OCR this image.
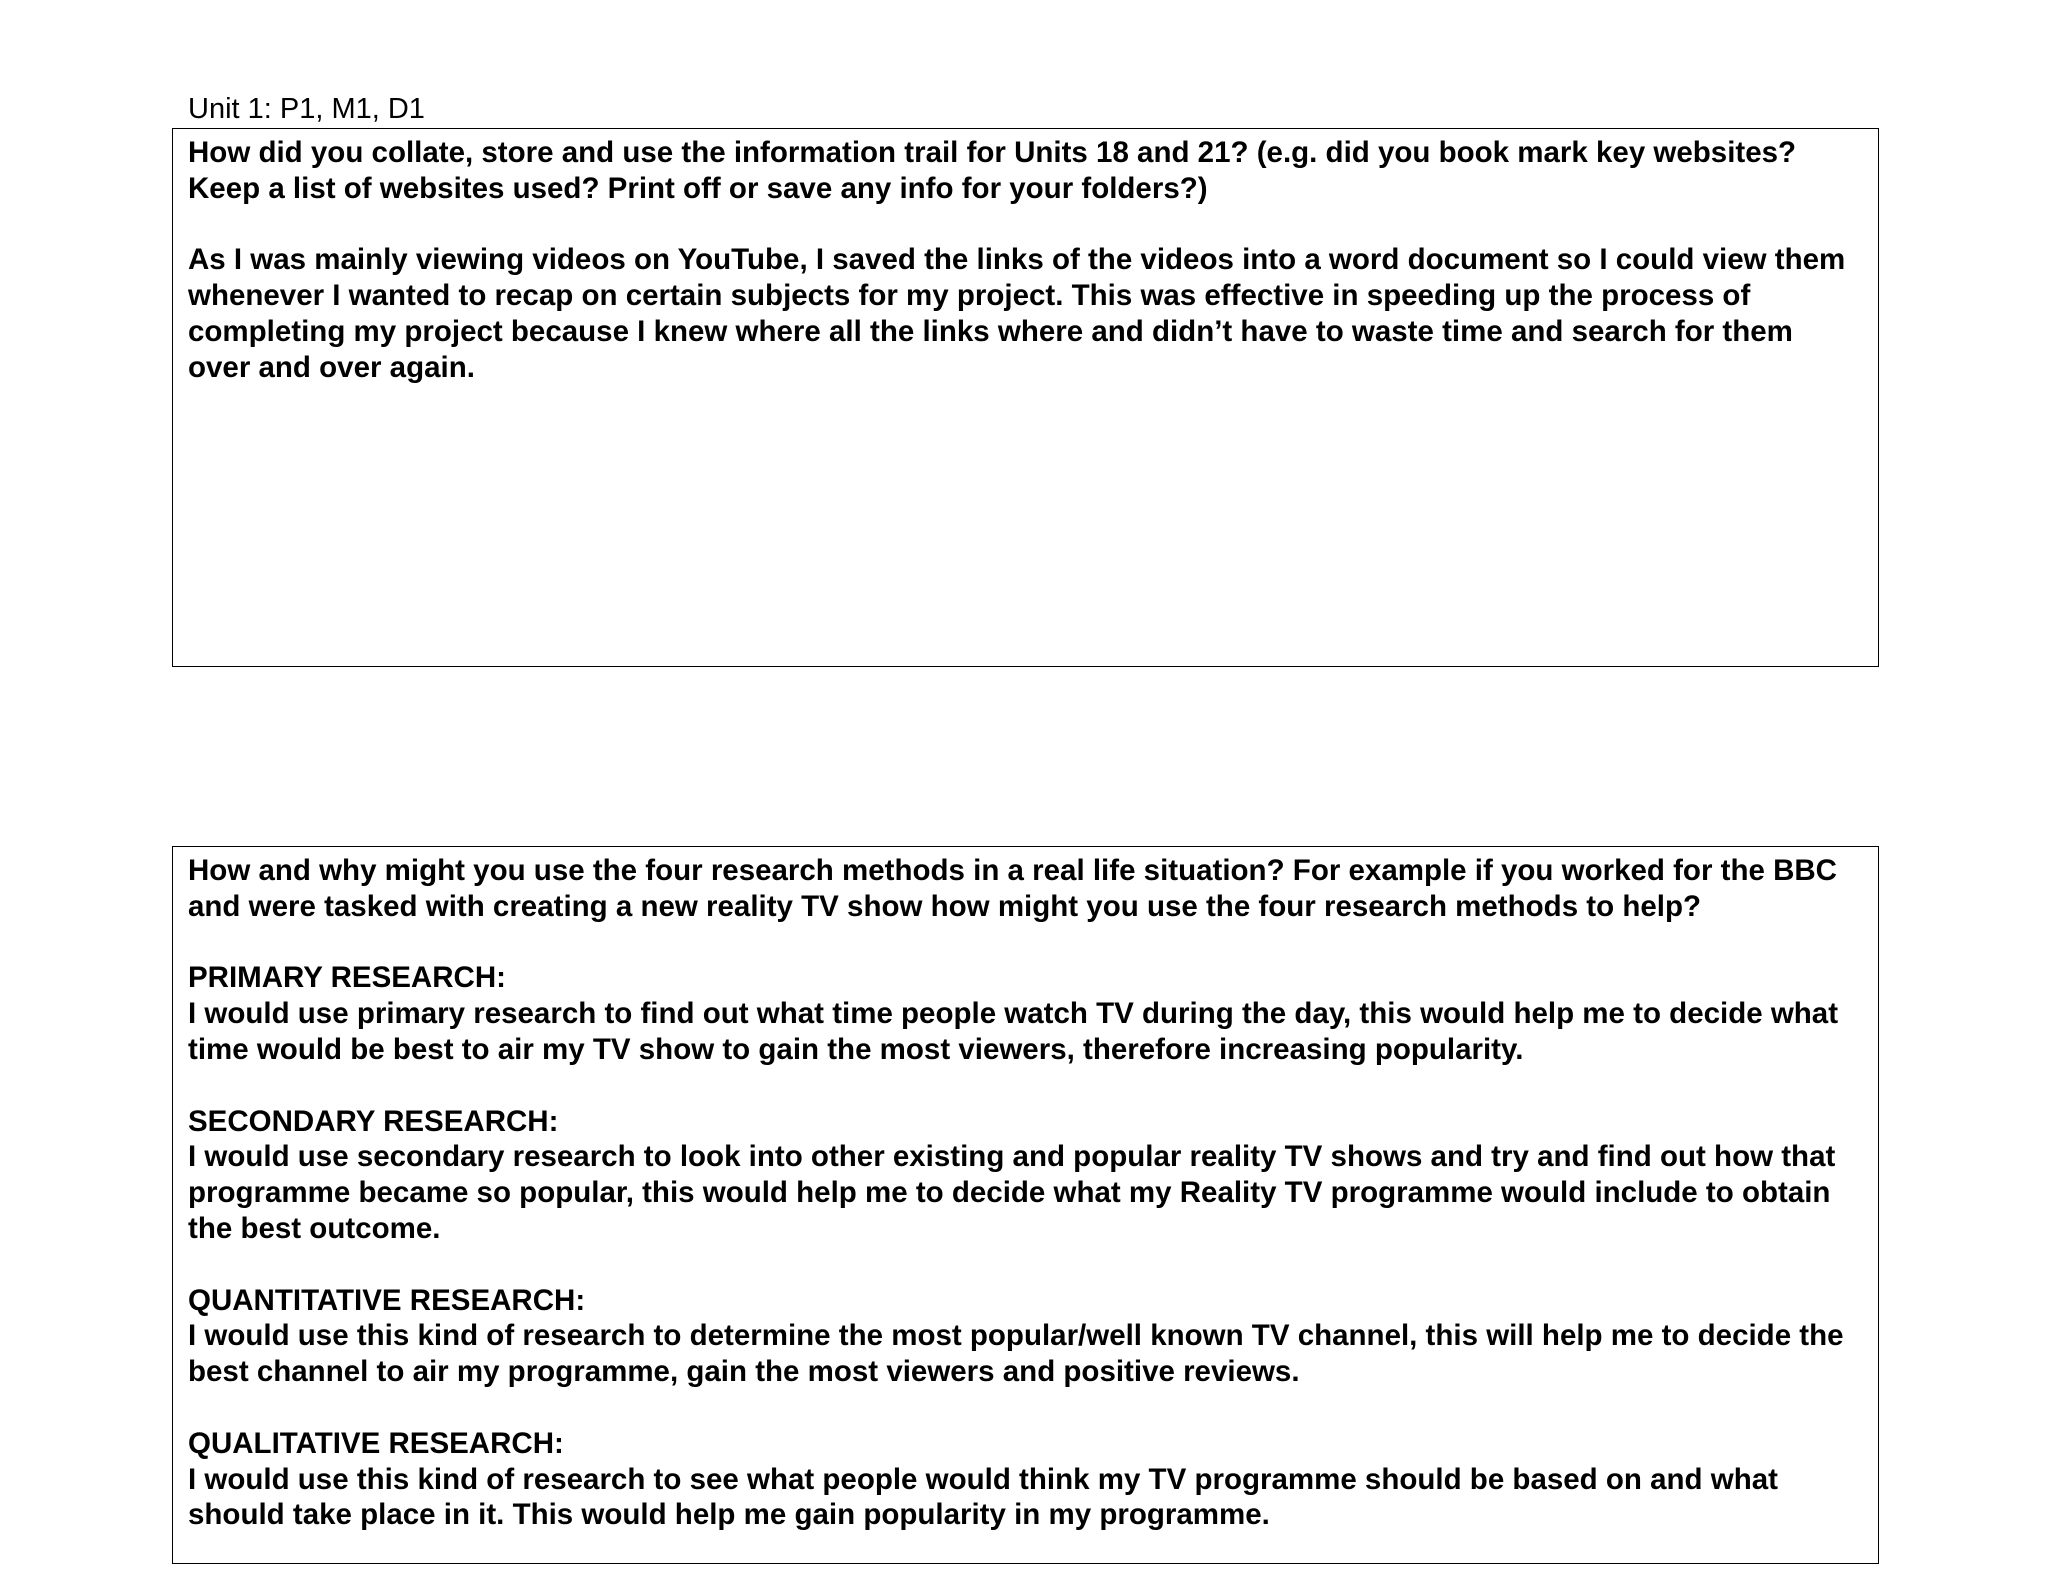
Unit 1: P1, M1, D1

How did you collate, store and use the information trail for Units 18 and 21? (e.g. did you book mark key websites? Keep a list of websites used? Print off or save any info for your folders?)

As I was mainly viewing videos on YouTube, I saved the links of the videos into a word document so I could view them whenever I wanted to recap on certain subjects for my project. This was effective in speeding up the process of completing my project because I knew where all the links where and didn’t have to waste time and search for them over and over again.

How and why might you use the four research methods in a real life situation? For example if you worked for the BBC and were tasked with creating a new reality TV show how might you use the four research methods to help?

PRIMARY RESEARCH:

I would use primary research to find out what time people watch TV during the day, this would help me to decide what time would be best to air my TV show to gain the most viewers, therefore increasing popularity.

SECONDARY RESEARCH:

I would use secondary research to look into other existing and popular reality TV shows and try and find out how that programme became so popular, this would help me to decide what my Reality TV programme would include to obtain the best outcome.

QUANTITATIVE RESEARCH:

I would use this kind of research to determine the most popular/well known TV channel, this will help me to decide the best channel to air my programme, gain the most viewers and positive reviews.

QUALITATIVE RESEARCH:

I would use this kind of research to see what people would think my TV programme should be based on and what should take place in it. This would help me gain popularity in my programme.
